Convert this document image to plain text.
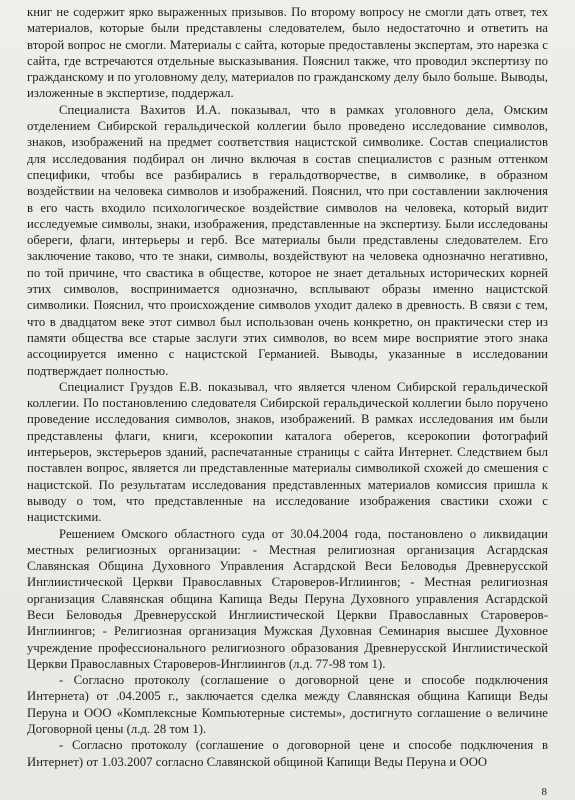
книг не содержит ярко выраженных призывов. По второму вопросу не смогли дать ответ, тех материалов, которые были представлены следователем, было недостаточно и ответить на второй вопрос не смогли. Материалы с сайта, которые предоставлены экспертам, это нарезка с сайта, где встречаются отдельные высказывания. Пояснил также, что проводил экспертизу по гражданскому и по уголовному делу, материалов по гражданскому делу было больше. Выводы, изложенные в экспертизе, поддержал.

Специалиста Вахитов И.А. показывал, что в рамках уголовного дела, Омским отделением Сибирской геральдической коллегии было проведено исследование символов, знаков, изображений на предмет соответствия нацистской символике. Состав специалистов для исследования подбирал он лично включая в состав специалистов с разным оттенком специфики, чтобы все разбирались в геральдотворчестве, в символике, в образном воздействии на человека символов и изображений. Пояснил, что при составлении заключения в его часть входило психологическое воздействие символов на человека, который видит исследуемые символы, знаки, изображения, представленные на экспертизу. Были исследованы обереги, флаги, интерьеры и герб. Все материалы были представлены следователем. Его заключение таково, что те знаки, символы, воздействуют на человека однозначно негативно, по той причине, что свастика в обществе, которое не знает детальных исторических корней этих символов, воспринимается однозначно, всплывают образы именно нацистской символики. Пояснил, что происхождение символов уходит далеко в древность. В связи с тем, что в двадцатом веке этот символ был использован очень конкретно, он практически стер из памяти общества все старые заслуги этих символов, во всем мире восприятие этого знака ассоциируется именно с нацистской Германией. Выводы, указанные в исследовании подтверждает полностью.

Специалист Груздов Е.В. показывал, что является членом Сибирской геральдической коллегии. По постановлению следователя Сибирской геральдической коллегии было поручено проведение исследования символов, знаков, изображений. В рамках исследования им были представлены флаги, книги, ксерокопии каталога оберегов, ксерокопии фотографий интерьеров, экстерьеров зданий, распечатанные страницы с сайта Интернет. Следствием был поставлен вопрос, является ли представленные материалы символикой схожей до смешения с нацистской. По результатам исследования представленных материалов комиссия пришла к выводу о том, что представленные на исследование изображения свастики схожи с нацистскими.

Решением Омского областного суда от 30.04.2004 года, постановлено о ликвидации местных религиозных организации: - Местная религиозная организация Асгардская Славянская Община Духовного Управления Асгардской Веси Беловодья Древнерусской Инглиистической Церкви Православных Староверов-Иглиингов; - Местная религиозная организация Славянская община Капища Веды Перуна Духовного управления Асгардской Веси Беловодья Древнерусской Инглиистической Церкви Православных Староверов-Инглиингов; - Религиозная организация Мужская Духовная Семинария высшее Духовное учреждение профессионального религиозного образования Древнерусской Инглиистической Церкви Православных Староверов-Инглиингов (л.д. 77-98 том 1).

- Согласно протоколу (соглашение о договорной цене и способе подключения Интернета) от .04.2005 г., заключается сделка между Славянская община Капищи Веды Перуна и ООО «Комплексные Компьютерные системы», достигнуто соглашение о величине Договорной цены (л.д. 28 том 1).

- Согласно протоколу (соглашение о договорной цене и способе подключения в Интернет) от 1.03.2007 согласно Славянской общиной Капищи Веды Перуна и ООО

8
